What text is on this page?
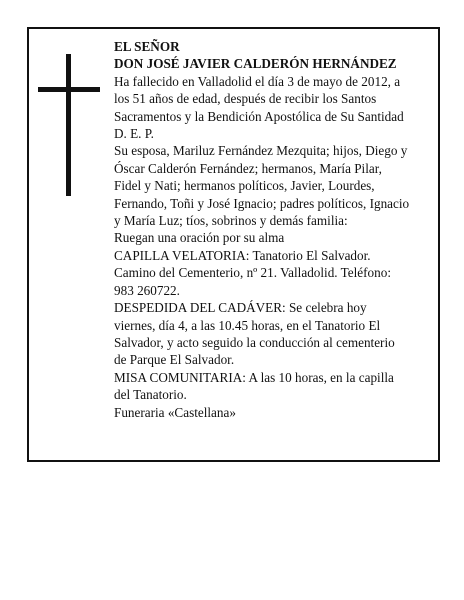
EL SEÑOR

DON JOSÉ JAVIER CALDERÓN HERNÁNDEZ

Ha fallecido en Valladolid el día 3 de mayo de 2012, a

los 51 años de edad, después de recibir los Santos

Sacramentos y la Bendición Apostólica de Su Santidad

D. E. P.

Su esposa, Mariluz Fernández Mezquita; hijos, Diego y

Óscar Calderón Fernández; hermanos, María Pilar,

Fidel y Nati; hermanos políticos, Javier, Lourdes,

Fernando, Toñi y José Ignacio; padres políticos, Ignacio

y María Luz; tíos, sobrinos y demás familia:

Ruegan una oración por su alma

CAPILLA VELATORIA: Tanatorio El Salvador.

Camino del Cementerio, nº 21. Valladolid. Teléfono:

983 260722.

DESPEDIDA DEL CADÁVER: Se celebra hoy

viernes, día 4, a las 10.45 horas, en el Tanatorio El

Salvador, y acto seguido la conducción al cementerio

de Parque El Salvador.

MISA COMUNITARIA: A las 10 horas, en la capilla

del Tanatorio.

Funeraria «Castellana»
